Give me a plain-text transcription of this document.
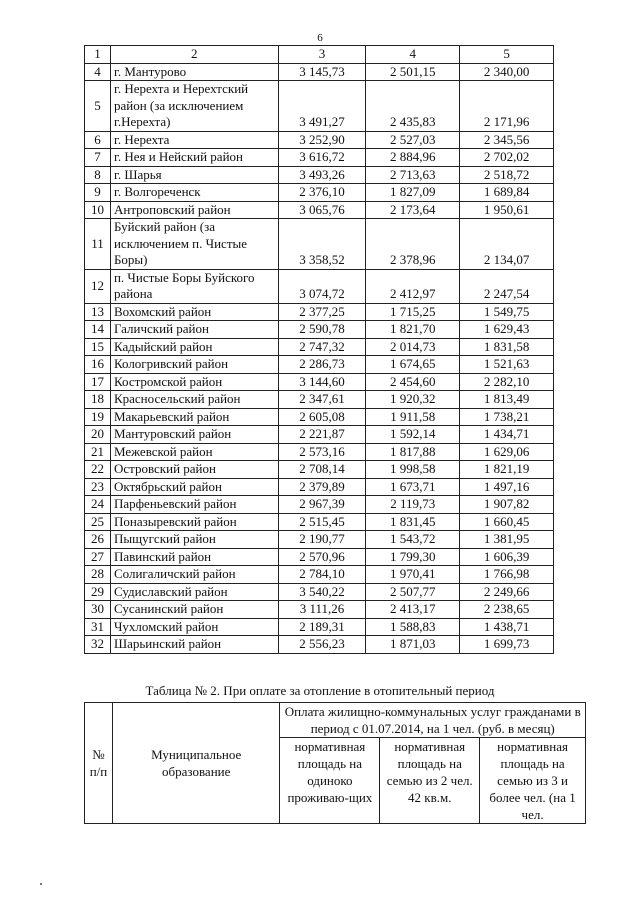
6
1	2	3	4	5
4	г. Мантурово	3 145,73	2 501,15	2 340,00
5	г. Нерехта и Нерехтский район (за исключением г.Нерехта)	3 491,27	2 435,83	2 171,96
6	г. Нерехта	3 252,90	2 527,03	2 345,56
7	г. Нея и Нейский район	3 616,72	2 884,96	2 702,02
8	г. Шарья	3 493,26	2 713,63	2 518,72
9	г. Волгореченск	2 376,10	1 827,09	1 689,84
10	Антроповский район	3 065,76	2 173,64	1 950,61
11	Буйский район (за исключением п. Чистые Боры)	3 358,52	2 378,96	2 134,07
12	п. Чистые Боры Буйского района	3 074,72	2 412,97	2 247,54
13	Вохомский район	2 377,25	1 715,25	1 549,75
14	Галичский район	2 590,78	1 821,70	1 629,43
15	Кадыйский район	2 747,32	2 014,73	1 831,58
16	Кологривский район	2 286,73	1 674,65	1 521,63
17	Костромской район	3 144,60	2 454,60	2 282,10
18	Красносельский район	2 347,61	1 920,32	1 813,49
19	Макарьевский район	2 605,08	1 911,58	1 738,21
20	Мантуровский район	2 221,87	1 592,14	1 434,71
21	Межевской район	2 573,16	1 817,88	1 629,06
22	Островский район	2 708,14	1 998,58	1 821,19
23	Октябрьский район	2 379,89	1 673,71	1 497,16
24	Парфеньевский район	2 967,39	2 119,73	1 907,82
25	Поназыревский район	2 515,45	1 831,45	1 660,45
26	Пыщугский район	2 190,77	1 543,72	1 381,95
27	Павинский район	2 570,96	1 799,30	1 606,39
28	Солигаличский район	2 784,10	1 970,41	1 766,98
29	Судиславский район	3 540,22	2 507,77	2 249,66
30	Сусанинский район	3 111,26	2 413,17	2 238,65
31	Чухломский район	2 189,31	1 588,83	1 438,71
32	Шарьинский район	2 556,23	1 871,03	1 699,73
Таблица № 2. При оплате за отопление в отопительный период
№ п/п	Муниципальное образование	Оплата жилищно-коммунальных услуг гражданами в период с 01.07.2014, на 1 чел. (руб. в месяц)		
		нормативная площадь на одиноко проживаю-щих	нормативная площадь на семью из 2 чел. 42 кв.м.	нормативная площадь на семью из 3 и более чел. (на 1 чел.
